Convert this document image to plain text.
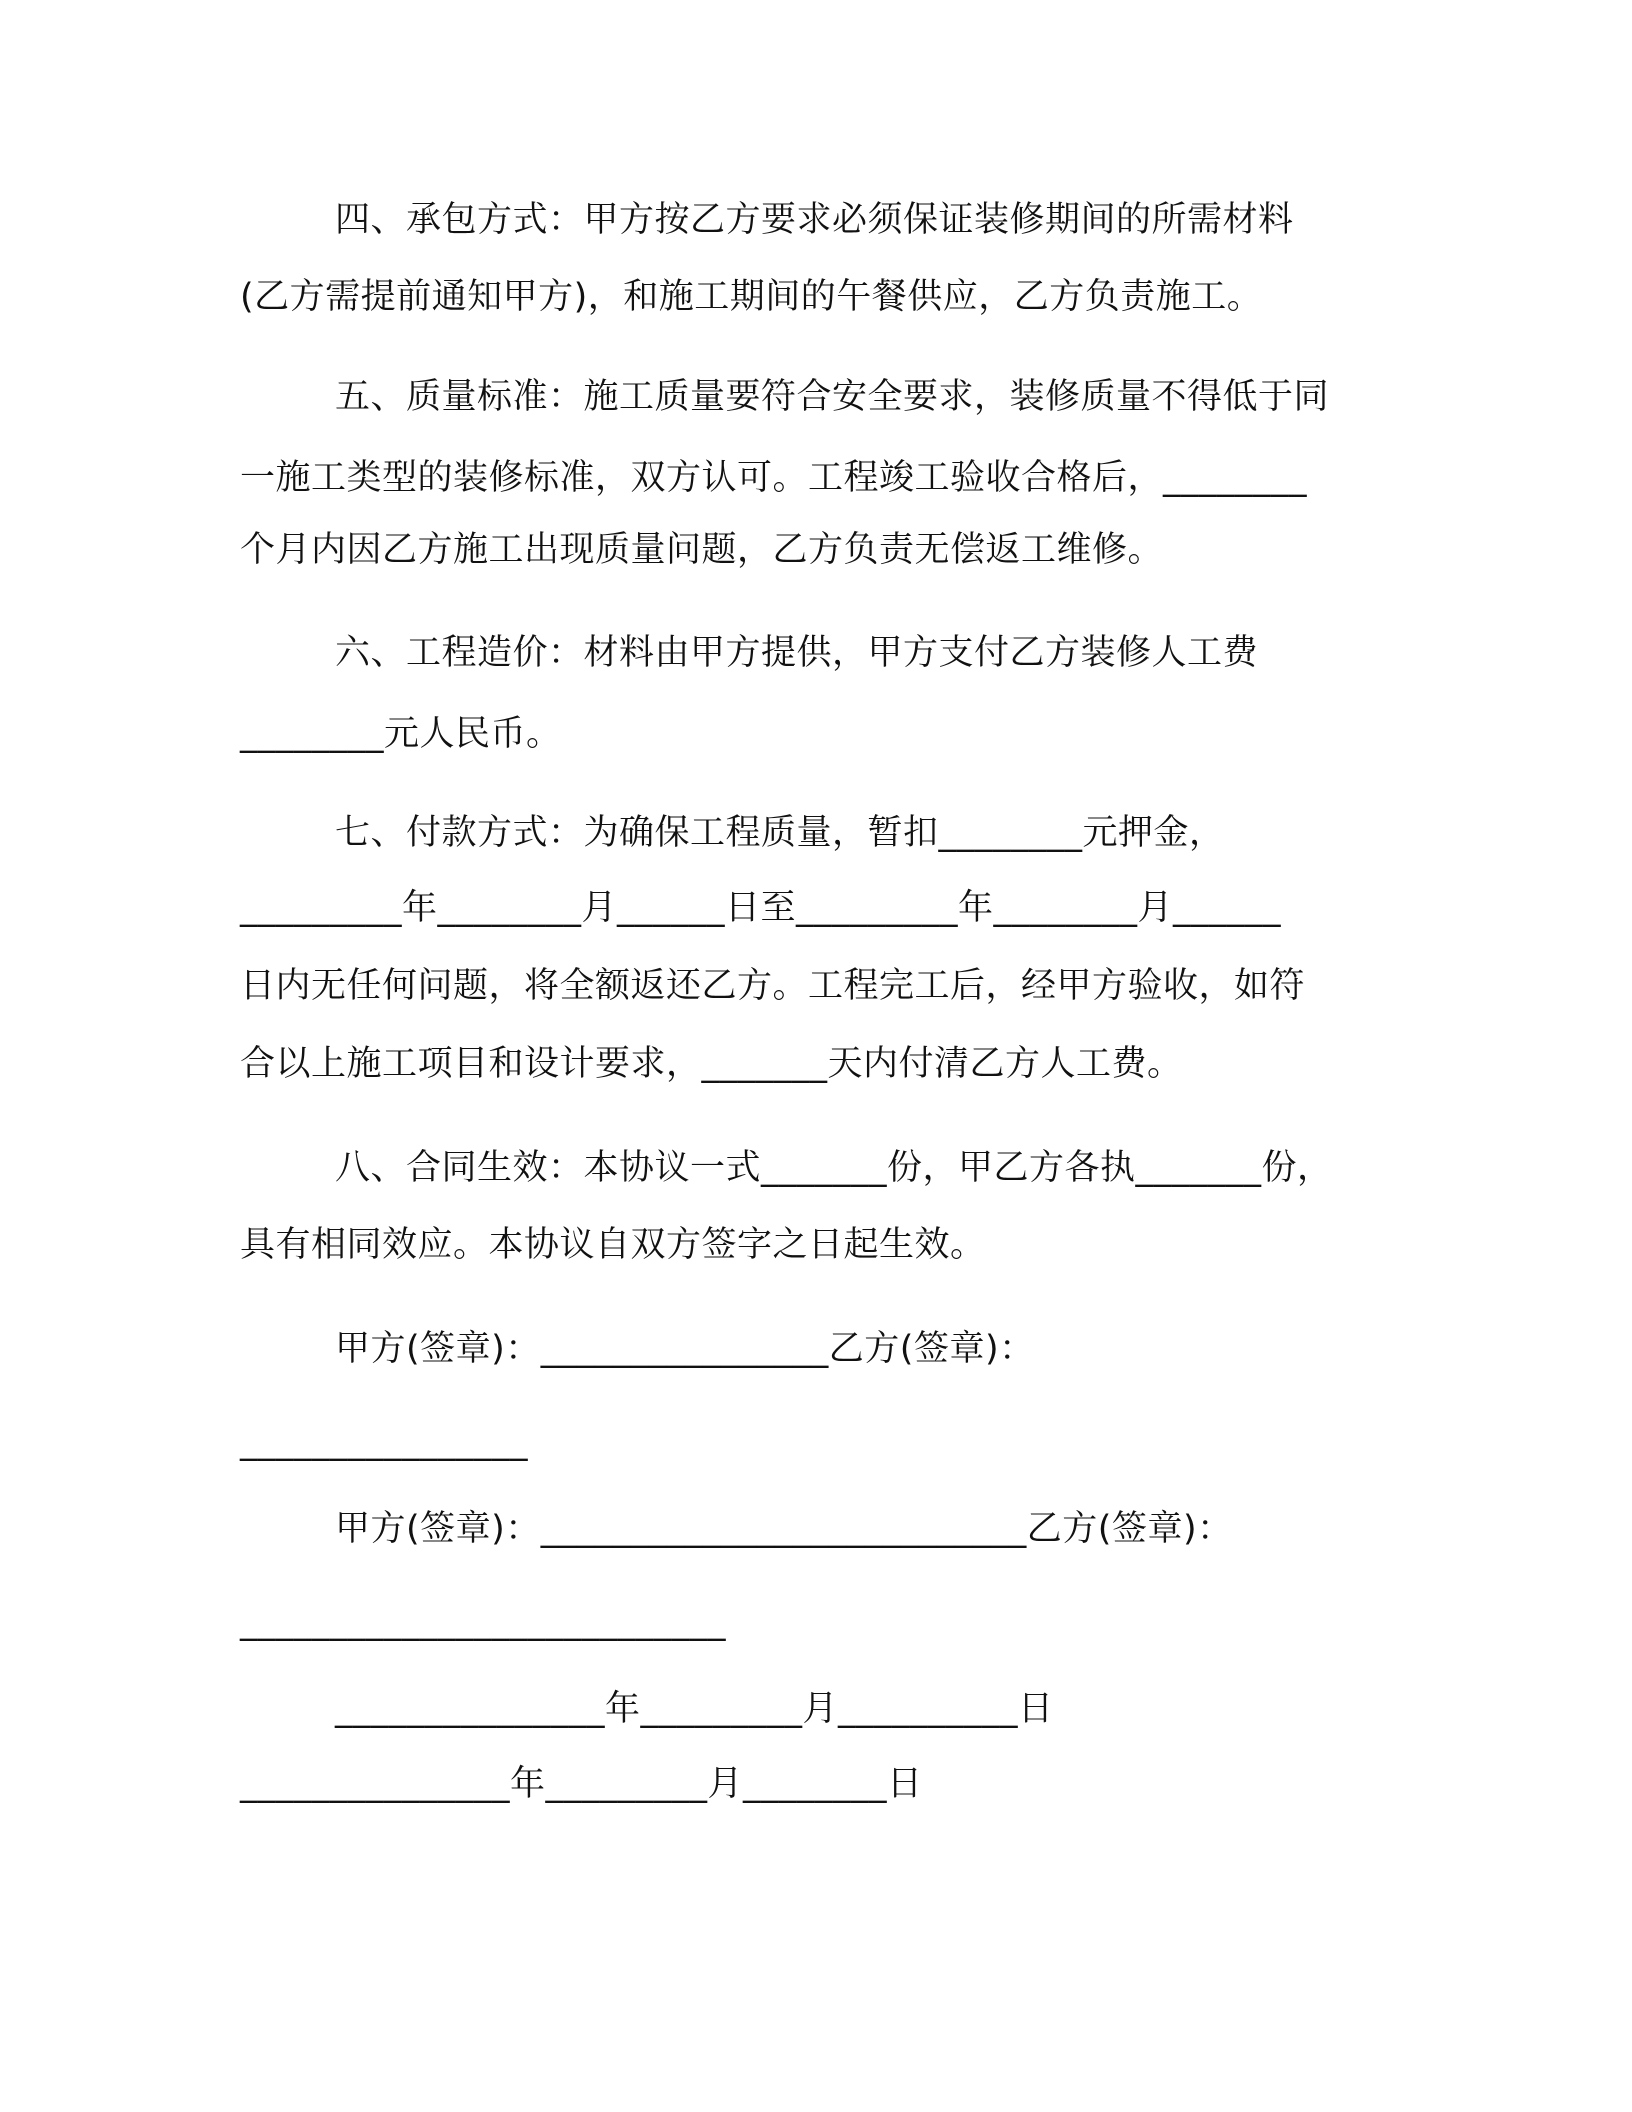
四、承包方式：甲方按乙方要求必须保证装修期间的所需材料
(乙方需提前通知甲方)，和施工期间的午餐供应，乙方负责施工。
五、质量标准：施工质量要符合安全要求，装修质量不得低于同
一施工类型的装修标准，双方认可。工程竣工验收合格后，________
个月内因乙方施工出现质量问题，乙方负责无偿返工维修。
六、工程造价：材料由甲方提供，甲方支付乙方装修人工费
________元人民币。
七、付款方式：为确保工程质量，暂扣________元押金，
_________年________月______日至_________年________月______
日内无任何问题，将全额返还乙方。工程完工后，经甲方验收，如符
合以上施工项目和设计要求，_______天内付清乙方人工费。
八、合同生效：本协议一式_______份，甲乙方各执_______份，
具有相同效应。本协议自双方签字之日起生效。
甲方(签章)：________________乙方(签章)：
________________
甲方(签章)：___________________________乙方(签章)：
___________________________
_______________年_________月__________日
_______________年_________月________日
